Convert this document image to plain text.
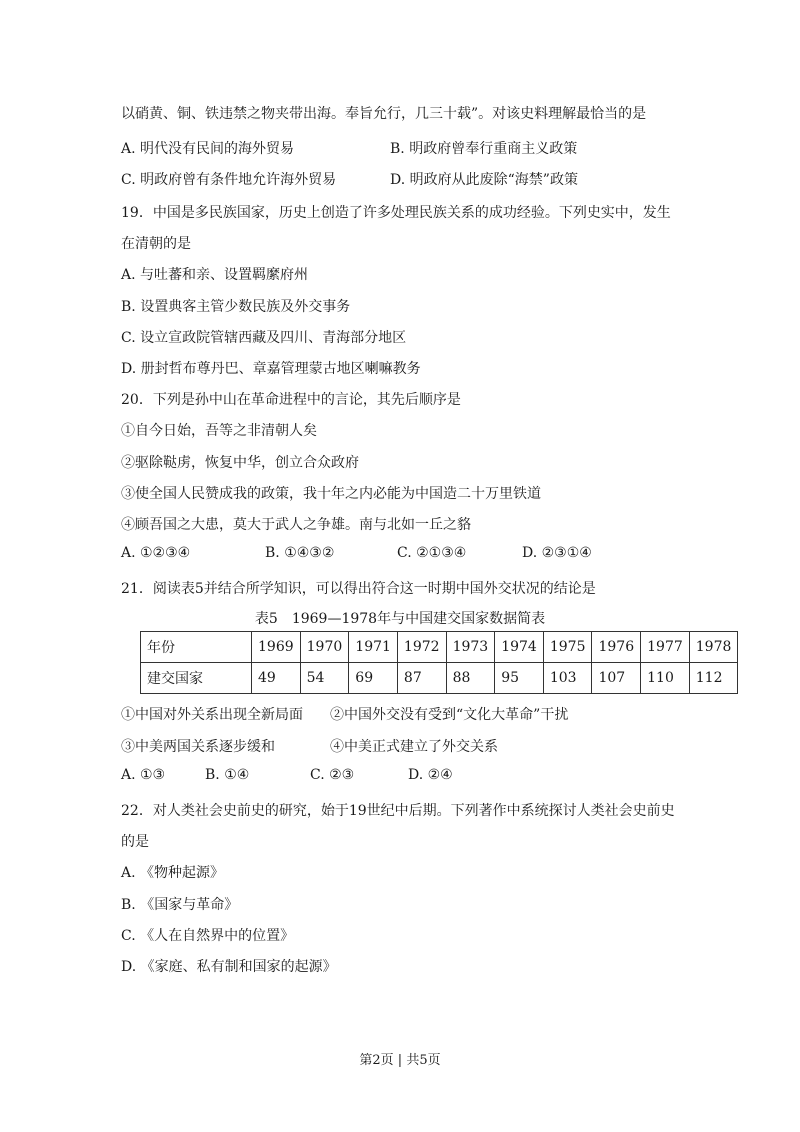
以硝黄、铜、铁违禁之物夹带出海。奉旨允行，几三十载”。对该史料理解最恰当的是
A. 明代没有民间的海外贸易	B. 明政府曾奉行重商主义政策
C. 明政府曾有条件地允许海外贸易	D. 明政府从此废除“海禁”政策
19．中国是多民族国家，历史上创造了许多处理民族关系的成功经验。下列史实中，发生
在清朝的是
A. 与吐蕃和亲、设置羁縻府州
B. 设置典客主管少数民族及外交事务
C. 设立宣政院管辖西藏及四川、青海部分地区
D. 册封哲布尊丹巴、章嘉管理蒙古地区喇嘛教务
20．下列是孙中山在革命进程中的言论，其先后顺序是
①自今日始，吾等之非清朝人矣
②驱除鞑虏，恢复中华，创立合众政府
③使全国人民赞成我的政策，我十年之内必能为中国造二十万里铁道
④顾吾国之大患，莫大于武人之争雄。南与北如一丘之貉
A. ①②③④	B. ①④③②	C. ②①③④	D. ②③①④
21．阅读表5并结合所学知识，可以得出符合这一时期中国外交状况的结论是
表5　1969—1978年与中国建交国家数据简表
年份	1969	1970	1971	1972	1973	1974	1975	1976	1977	1978
建交国家	49	54	69	87	88	95	103	107	110	112
①中国对外关系出现全新局面 ②中国外交没有受到“文化大革命”干扰
③中美两国关系逐步缓和	④中美正式建立了外交关系
A. ①③	B. ①④	C. ②③	D. ②④
22．对人类社会史前史的研究，始于19世纪中后期。下列著作中系统探讨人类社会史前史
的是
A. 《物种起源》
B. 《国家与革命》
C. 《人在自然界中的位置》
D. 《家庭、私有制和国家的起源》
第2页 | 共5页
